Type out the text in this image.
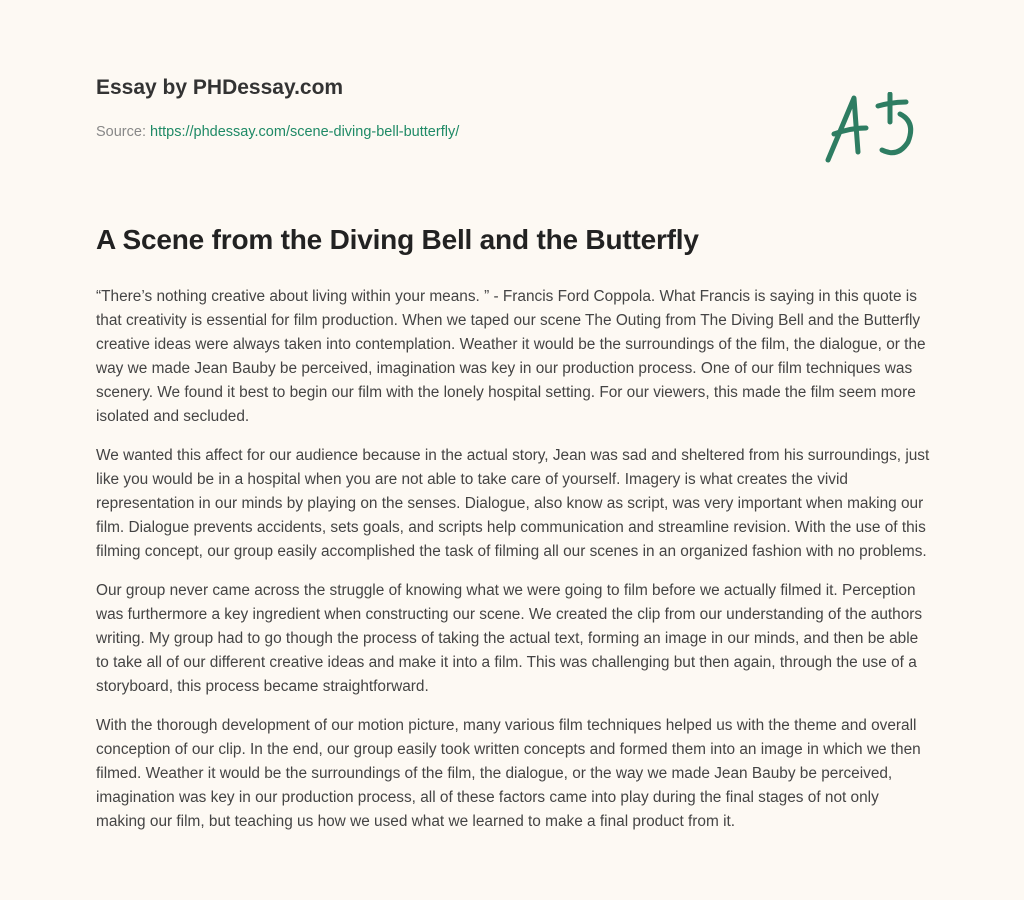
Essay by PHDessay.com
Source: https://phdessay.com/scene-diving-bell-butterfly/
A Scene from the Diving Bell and the Butterfly

“There’s nothing creative about living within your means. ” - Francis Ford Coppola. What Francis is saying in this quote is that creativity is essential for film production. When we taped our scene The Outing from The Diving Bell and the Butterfly creative ideas were always taken into contemplation. Weather it would be the surroundings of the film, the dialogue, or the way we made Jean Bauby be perceived, imagination was key in our production process. One of our film techniques was scenery. We found it best to begin our film with the lonely hospital setting. For our viewers, this made the film seem more isolated and secluded.

We wanted this affect for our audience because in the actual story, Jean was sad and sheltered from his surroundings, just like you would be in a hospital when you are not able to take care of yourself. Imagery is what creates the vivid representation in our minds by playing on the senses. Dialogue, also know as script, was very important when making our film. Dialogue prevents accidents, sets goals, and scripts help communication and streamline revision. With the use of this filming concept, our group easily accomplished the task of filming all our scenes in an organized fashion with no problems.

Our group never came across the struggle of knowing what we were going to film before we actually filmed it. Perception was furthermore a key ingredient when constructing our scene. We created the clip from our understanding of the authors writing. My group had to go though the process of taking the actual text, forming an image in our minds, and then be able to take all of our different creative ideas and make it into a film. This was challenging but then again, through the use of a storyboard, this process became straightforward.

With the thorough development of our motion picture, many various film techniques helped us with the theme and overall conception of our clip. In the end, our group easily took written concepts and formed them into an image in which we then filmed. Weather it would be the surroundings of the film, the dialogue, or the way we made Jean Bauby be perceived, imagination was key in our production process, all of these factors came into play during the final stages of not only making our film, but teaching us how we used what we learned to make a final product from it.
